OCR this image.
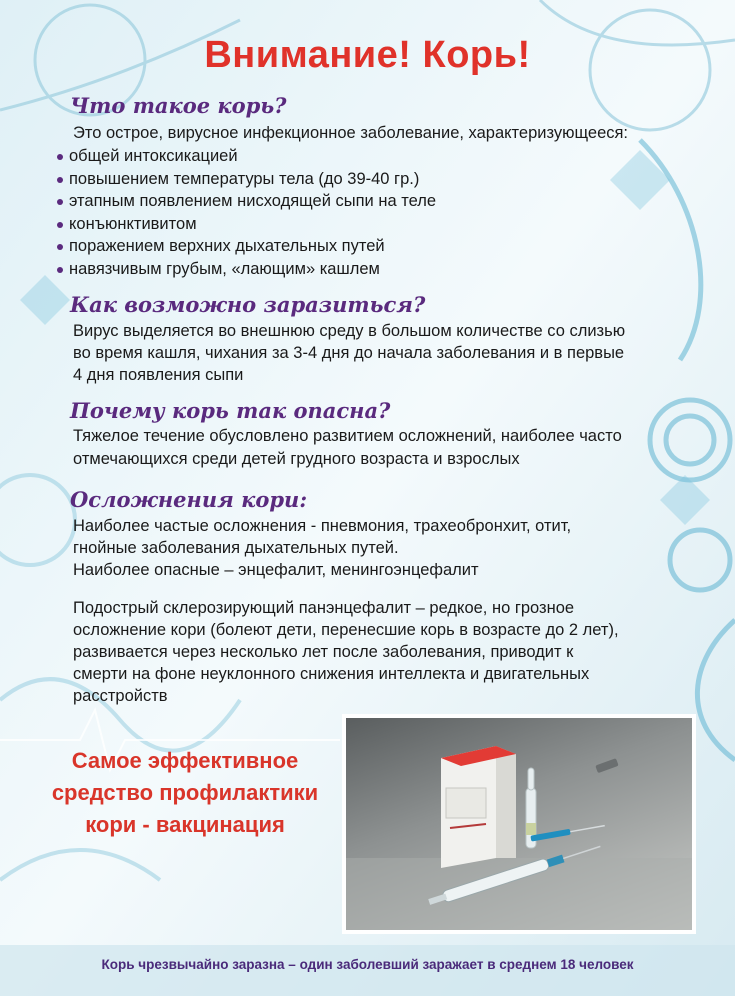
Внимание! Корь!
Что такое корь?
Это острое, вирусное инфекционное заболевание, характеризующееся:
общей интоксикацией
повышением температуры тела (до 39-40 гр.)
этапным появлением нисходящей сыпи на теле
конъюнктивитом
поражением верхних дыхательных путей
навязчивым грубым, «лающим» кашлем
Как возможно заразиться?
Вирус выделяется во внешнюю среду в большом количестве со слизью
во время кашля, чихания за 3-4 дня до начала заболевания и в первые
4 дня появления сыпи
Почему корь так опасна?
Тяжелое течение обусловлено развитием осложнений, наиболее часто
отмечающихся среди детей грудного возраста и взрослых
Осложнения кори:
Наиболее частые осложнения - пневмония, трахеобронхит, отит,
гнойные заболевания дыхательных путей.
Наиболее опасные – энцефалит, менингоэнцефалит
Подострый склерозирующий панэнцефалит – редкое, но грозное
осложнение кори (болеют дети, перенесшие корь в возрасте до 2 лет),
развивается через несколько лет после заболевания, приводит к
смерти на фоне неуклонного снижения интеллекта и двигательных
расстройств
Самое эффективное
средство профилактики
кори - вакцинация
Корь чрезвычайно заразна – один заболевший заражает в среднем 18 человек
